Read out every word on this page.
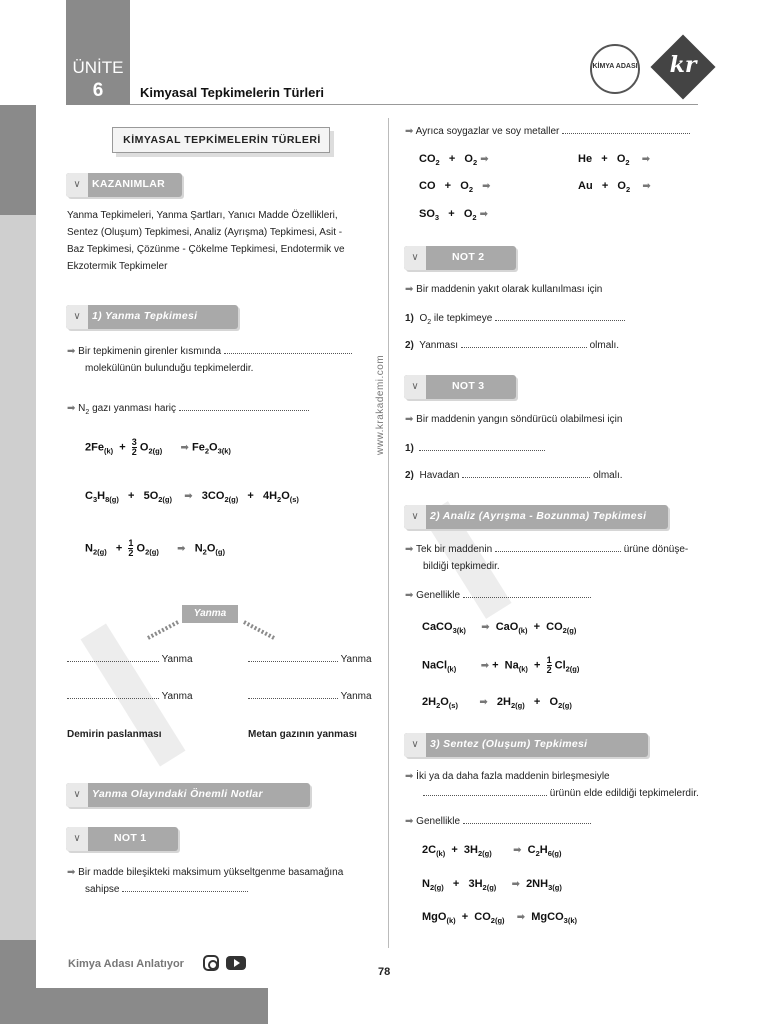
ÜNİTE
6	Kimyasal Tepkimelerin Türleri
KİMYA ADASI	kr
www.krakademi.com
KİMYASAL TEPKİMELERİN TÜRLERİ
∨	KAZANIMLAR
Yanma Tepkimeleri, Yanma Şartları, Yanıcı Madde Özellikleri,
Sentez (Oluşum) Tepkimesi, Analiz (Ayrışma) Tepkimesi, Asit -
Baz Tepkimesi, Çözünme - Çökelme Tepkimesi, Endotermik ve
Ekzotermik Tepkimeler
∨	1) Yanma Tepkimesi
➡ Bir tepkimenin girenler kısmında
molekülünün bulunduğu tepkimelerdir.
➡ $N_2$ gazı yanması hariç
$2Fe_{(k)} + \frac{3}{2} O_{2(g)}$ ➡ $Fe_2O_{3(k)}$
$C_3H_{8(g)} + 5O_{2(g)}$ ➡   $3CO_{2(g)} + 4H_2O_{(s)}$
$N_{2(g)} + \frac{1}{2} O_{2(g)}$ ➡   $N_2O_{(g)}$
Yanma
Yanma	Yanma
Yanma	Yanma
Demirin paslanması	Metan gazının yanması
∨	Yanma Olayındaki Önemli Notlar
∨	NOT 1
➡ Bir madde bileşikteki maksimum yükseltgenme basamağına
sahipse
➡ Ayrıca soygazlar ve soy metaller
$CO_2 + O_2$ ➡	$He + O_2$ ➡
CO   +   $O_2$ ➡	$Au + O_2$ ➡
$SO_3 + O_2$ ➡
∨	NOT 2
➡ Bir maddenin yakıt olarak kullanılması için
1) $O_2$ ile tepkimeye
2) Yanması	olmalı.
∨	NOT 3
➡ Bir maddenin yangın söndürücü olabilmesi için
1)
2) Havadan	olmalı.
∨	2) Analiz (Ayrışma - Bozunma) Tepkimesi
➡ Tek bir maddenin	ürüne dönüşe-
bildiği tepkimedir.
➡ Genellikle
CaCO$_{3(k)}$ ➡  $CaO_{(k)} + CO_{2(g)}$
NaCl$_{(k)}$ ➡ +  $Na_{(k)} + \frac{1}{2} Cl_{2(g)}$
$2H_2O_{(s)}$ ➡   $2H_{2(g)} + O_{2(g)}$
∨	3) Sentez (Oluşum) Tepkimesi
➡ İki ya da daha fazla maddenin birleşmesiyle
ürünün elde edildiği tepkimelerdir.
➡ Genellikle
$2C_{(k)} + 3H_{2(g)}$ ➡  $C_2H_{6(g)}$
$N_{2(g)} + 3H_{2(g)}$ ➡  $2NH_{3(g)}$
$MgO_{(k)} + CO_{2(g)}$ ➡  MgCO$_{3(k)}$
Kimya Adası Anlatıyor
78
